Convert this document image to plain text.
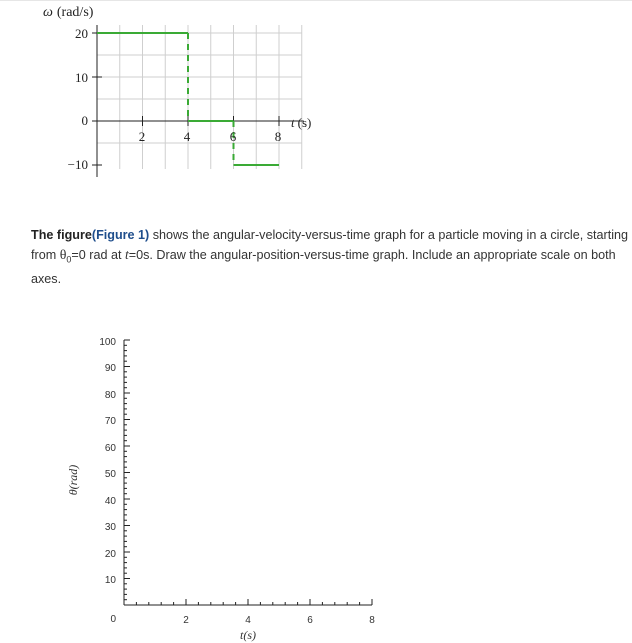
ω (rad/s)
t (s)
20
10
0
−10
2	4	6	8
100
90
80
70
60
50
40
30
20
10
0	2	4	6	8
t(s)
θ(rad)
The figure(Figure 1) shows the angular-velocity-versus-time graph for a particle moving in a circle, starting from $\theta_0=0$ rad at t=0s. Draw the angular-position-versus-time graph. Include an appropriate scale on both axes.
